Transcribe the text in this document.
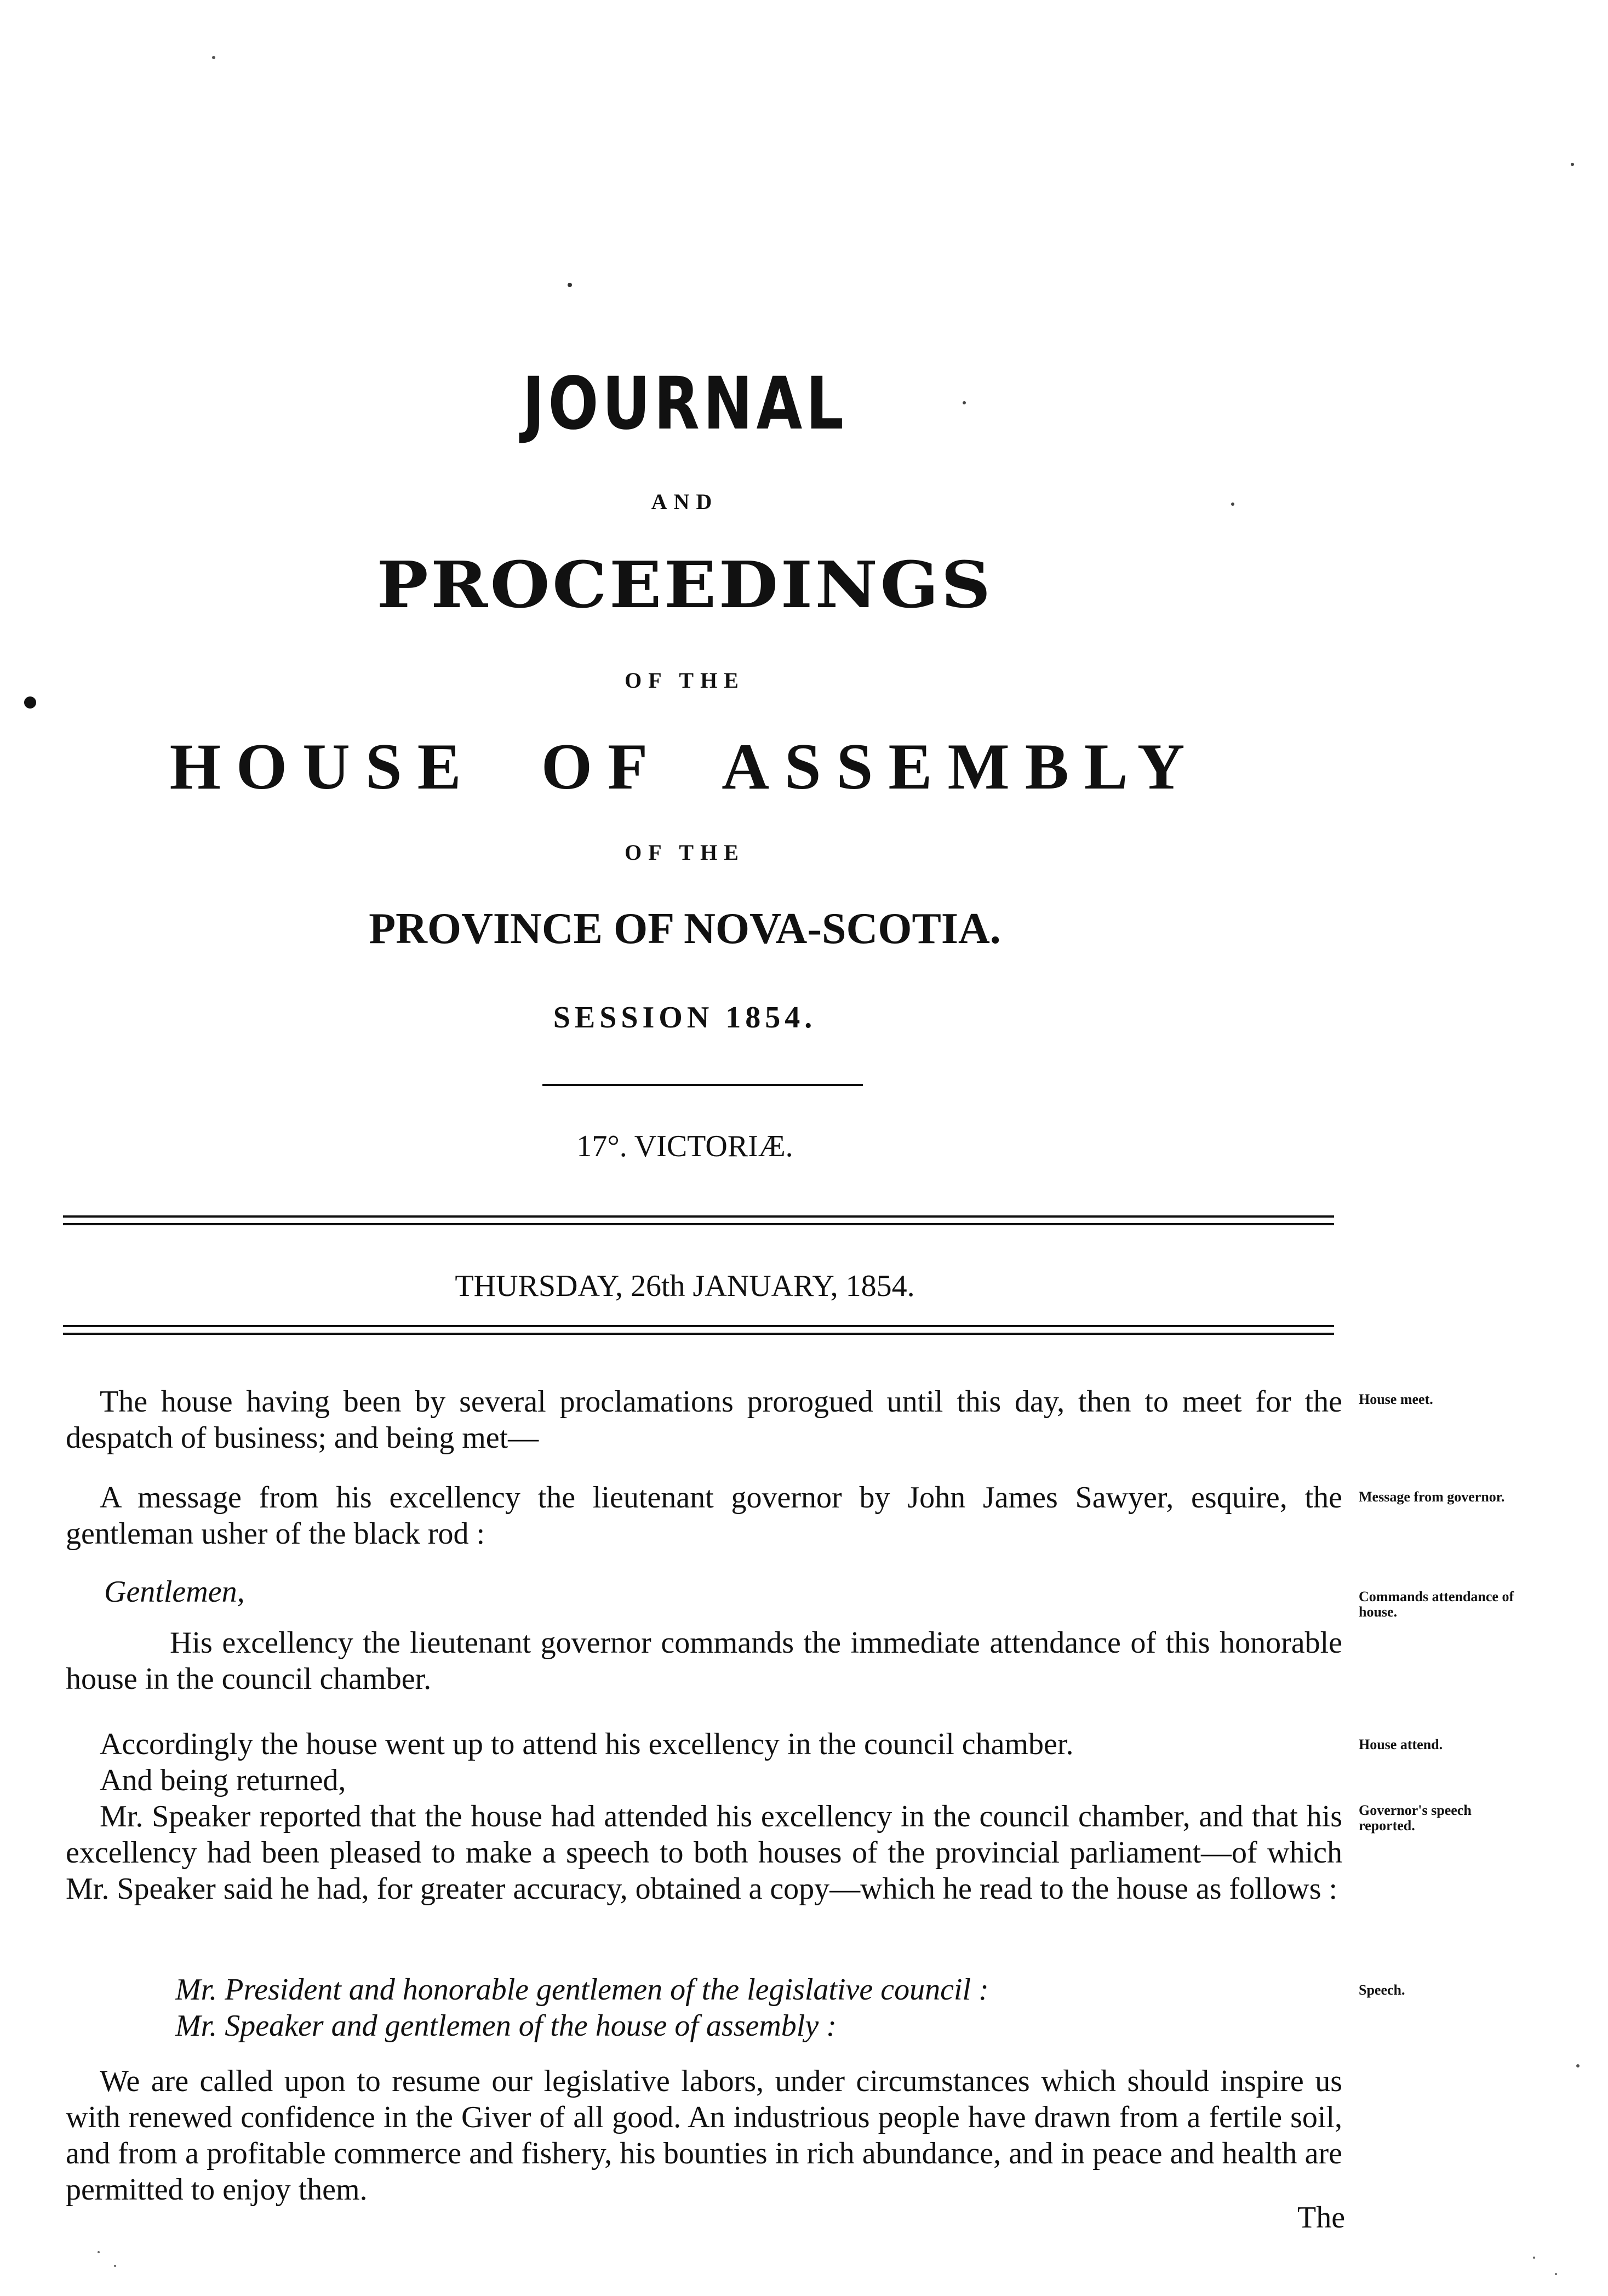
JOURNAL
AND
PROCEEDINGS
OF THE
HOUSE OF ASSEMBLY
OF THE
PROVINCE OF NOVA-SCOTIA.
SESSION 1854.
17°. VICTORIÆ.
THURSDAY, 26th JANUARY, 1854.

The house having been by several proclamations prorogued until this day, then to meet for the despatch of business; and being met—

A message from his excellency the lieutenant governor by John James Sawyer, esquire, the gentleman usher of the black rod :

Gentlemen,

His excellency the lieutenant governor commands the immediate attendance of this honorable house in the council chamber.

Accordingly the house went up to attend his excellency in the council chamber.

And being returned,

Mr. Speaker reported that the house had attended his excellency in the council chamber, and that his excellency had been pleased to make a speech to both houses of the provincial parliament—of which Mr. Speaker said he had, for greater accuracy, obtained a copy—which he read to the house as follows :

Mr. President and honorable gentlemen of the legislative council :

Mr. Speaker and gentlemen of the house of assembly :

We are called upon to resume our legislative labors, under circumstances which should inspire us with renewed confidence in the Giver of all good. An industrious people have drawn from a fertile soil, and from a profitable commerce and fishery, his bounties in rich abundance, and in peace and health are permitted to enjoy them.

The
House meet.
Message from governor.
Commands attendance of house.
House attend.
Governor's speech reported.
Speech.
